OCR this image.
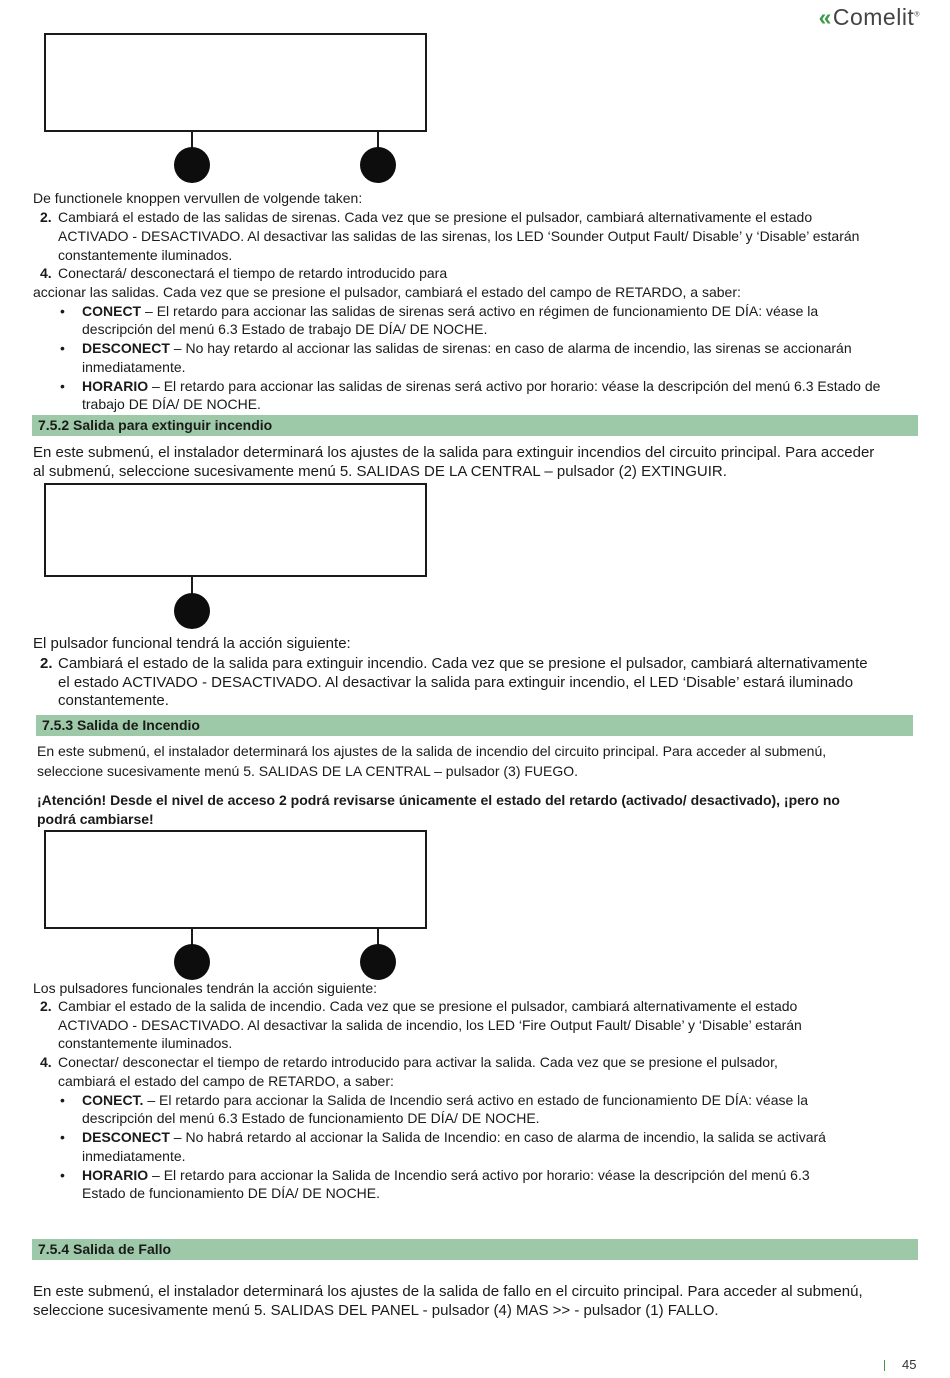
«Comelit®
De functionele knoppen vervullen de volgende taken:
2. Cambiará el estado de las salidas de sirenas. Cada vez que se presione el pulsador, cambiará alternativamente el estado
ACTIVADO - DESACTIVADO. Al desactivar las salidas de las sirenas, los LED ‘Sounder Output Fault/ Disable’ y ‘Disable’ estarán
constantemente iluminados.
4. Conectará/ desconectará el tiempo de retardo introducido para
accionar las salidas. Cada vez que se presione el pulsador, cambiará el estado del campo de RETARDO, a saber:
• CONECT – El retardo para accionar las salidas de sirenas será activo en régimen de funcionamiento DE DÍA: véase la
descripción del menú 6.3 Estado de trabajo DE DÍA/ DE NOCHE.
• DESCONECT – No hay retardo al accionar las salidas de sirenas: en caso de alarma de incendio, las sirenas se accionarán
inmediatamente.
• HORARIO – El retardo para accionar las salidas de sirenas será activo por horario: véase la descripción del menú 6.3 Estado de
trabajo DE DÍA/ DE NOCHE.
7.5.2 Salida para extinguir incendio
En este submenú, el instalador determinará los ajustes de la salida para extinguir incendios del circuito principal. Para acceder
al submenú, seleccione sucesivamente menú 5. SALIDAS DE LA CENTRAL – pulsador (2) EXTINGUIR.
El pulsador funcional tendrá la acción siguiente:
2. Cambiará el estado de la salida para extinguir incendio. Cada vez que se presione el pulsador, cambiará alternativamente
el estado ACTIVADO - DESACTIVADO. Al desactivar la salida para extinguir incendio, el LED ‘Disable’ estará iluminado
constantemente.
7.5.3 Salida de Incendio
En este submenú, el instalador determinará los ajustes de la salida de incendio del circuito principal. Para acceder al submenú,
seleccione sucesivamente menú 5. SALIDAS DE LA CENTRAL – pulsador (3) FUEGO.
¡Atención! Desde el nivel de acceso 2 podrá revisarse únicamente el estado del retardo (activado/ desactivado), ¡pero no
podrá cambiarse!
Los pulsadores funcionales tendrán la acción siguiente:
2. Cambiar el estado de la salida de incendio. Cada vez que se presione el pulsador, cambiará alternativamente el estado
ACTIVADO - DESACTIVADO. Al desactivar la salida de incendio, los LED ‘Fire Output Fault/ Disable’ y ‘Disable’ estarán
constantemente iluminados.
4. Conectar/ desconectar el tiempo de retardo introducido para activar la salida. Cada vez que se presione el pulsador,
cambiará el estado del campo de RETARDO, a saber:
• CONECT. – El retardo para accionar la Salida de Incendio será activo en estado de funcionamiento DE DÍA: véase la
descripción del menú 6.3 Estado de funcionamiento DE DÍA/ DE NOCHE.
• DESCONECT – No habrá retardo al accionar la Salida de Incendio: en caso de alarma de incendio, la salida se activará
inmediatamente.
• HORARIO – El retardo para accionar la Salida de Incendio será activo por horario: véase la descripción del menú 6.3
Estado de funcionamiento DE DÍA/ DE NOCHE.
7.5.4 Salida de Fallo
En este submenú, el instalador determinará los ajustes de la salida de fallo en el circuito principal. Para acceder al submenú,
seleccione sucesivamente menú 5. SALIDAS DEL PANEL - pulsador (4) MAS >> - pulsador (1) FALLO.
45
